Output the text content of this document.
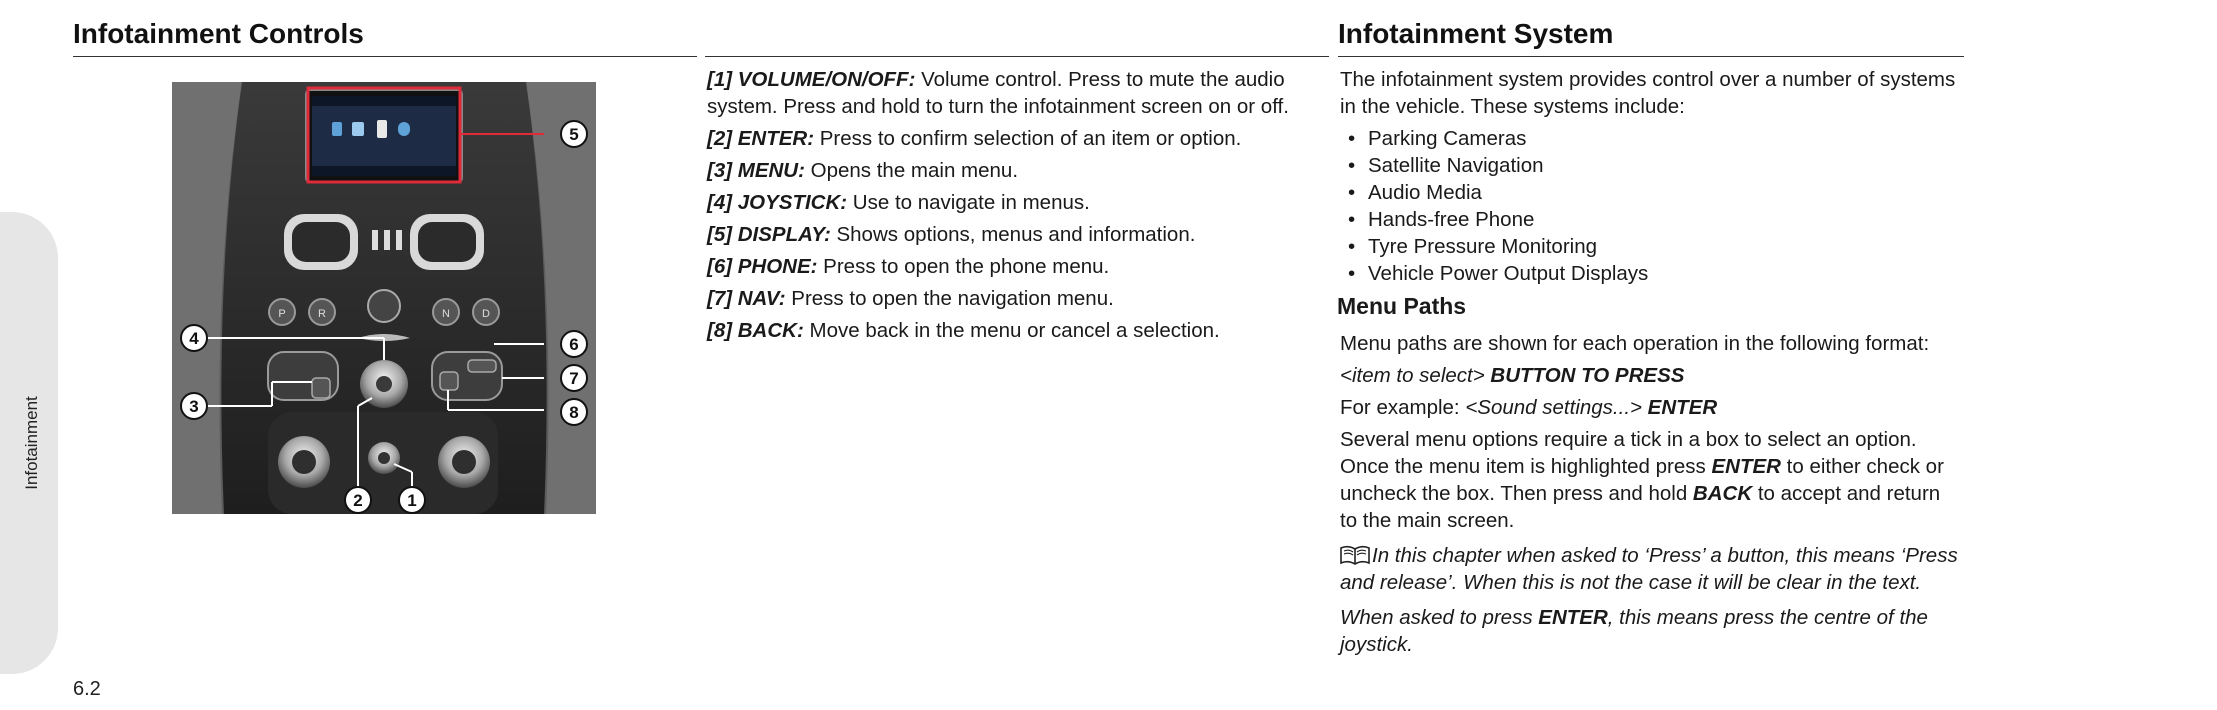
Infotainment
Infotainment Controls	Infotainment System
P	R	N	D
1
2
3
4
5
6
7
8

[1] VOLUME/ON/OFF: Volume control. Press to mute the audio system. Press and hold to turn the infotainment screen on or off.

[2] ENTER: Press to confirm selection of an item or option.

[3] MENU: Opens the main menu.

[4] JOYSTICK: Use to navigate in menus.

[5] DISPLAY: Shows options, menus and information.

[6] PHONE: Press to open the phone menu.

[7] NAV: Press to open the navigation menu.

[8] BACK: Move back in the menu or cancel a selection.

The infotainment system provides control over a number of systems in the vehicle. These systems include:

• Parking Cameras
• Satellite Navigation
• Audio Media
• Hands-free Phone
• Tyre Pressure Monitoring
• Vehicle Power Output Displays
Menu Paths

Menu paths are shown for each operation in the following format:

<item to select> BUTTON TO PRESS

For example: <Sound settings...> ENTER

Several menu options require a tick in a box to select an option. Once the menu item is highlighted press ENTER to either check or uncheck the box. Then press and hold BACK to accept and return to the main screen.

In this chapter when asked to ‘Press’ a button, this means ‘Press and release’. When this is not the case it will be clear in the text.

When asked to press ENTER, this means press the centre of the joystick.

6.2
